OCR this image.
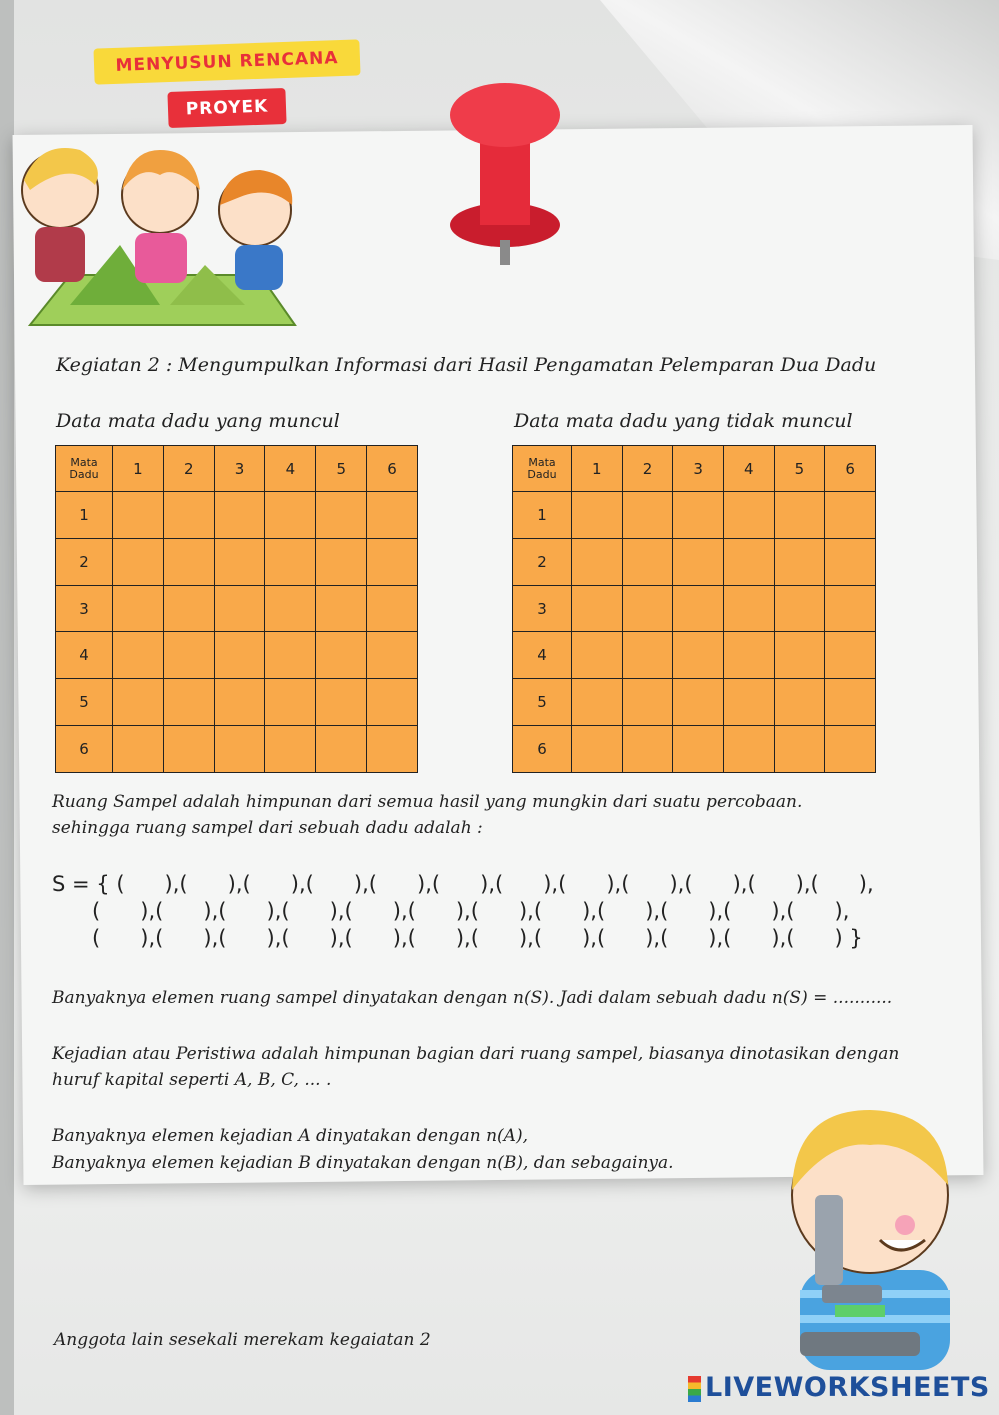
MENYUSUN RENCANA
PROYEK
Kegiatan 2 : Mengumpulkan Informasi dari Hasil Pengamatan Pelemparan Dua Dadu
Data mata dadu yang muncul	Data mata dadu yang tidak muncul
Mata
Dadu	1	2	3	4	5	6
1						
2						
3						
4						
5						
6						
Mata
Dadu	1	2	3	4	5	6
1						
2						
3						
4						
5						
6						
Ruang Sampel adalah himpunan dari semua hasil yang mungkin dari suatu percobaan.
sehingga ruang sampel dari sebuah dadu adalah :
S = { (      ),(      ),(      ),(      ),(      ),(      ),(      ),(      ),(      ),(      ),(      ),(      ),
(      ),(      ),(      ),(      ),(      ),(      ),(      ),(      ),(      ),(      ),(      ),(      ),
(      ),(      ),(      ),(      ),(      ),(      ),(      ),(      ),(      ),(      ),(      ),(      ) }
Banyaknya elemen ruang sampel dinyatakan dengan n(S). Jadi dalam sebuah dadu n(S) = ...........
Kejadian atau Peristiwa adalah himpunan bagian dari ruang sampel, biasanya dinotasikan dengan
huruf kapital seperti A, B, C, ... .
Banyaknya elemen kejadian A dinyatakan dengan n(A),
Banyaknya elemen kejadian B dinyatakan dengan n(B), dan sebagainya.
Anggota lain sesekali merekam kegaiatan 2
LIVEWORKSHEETS
